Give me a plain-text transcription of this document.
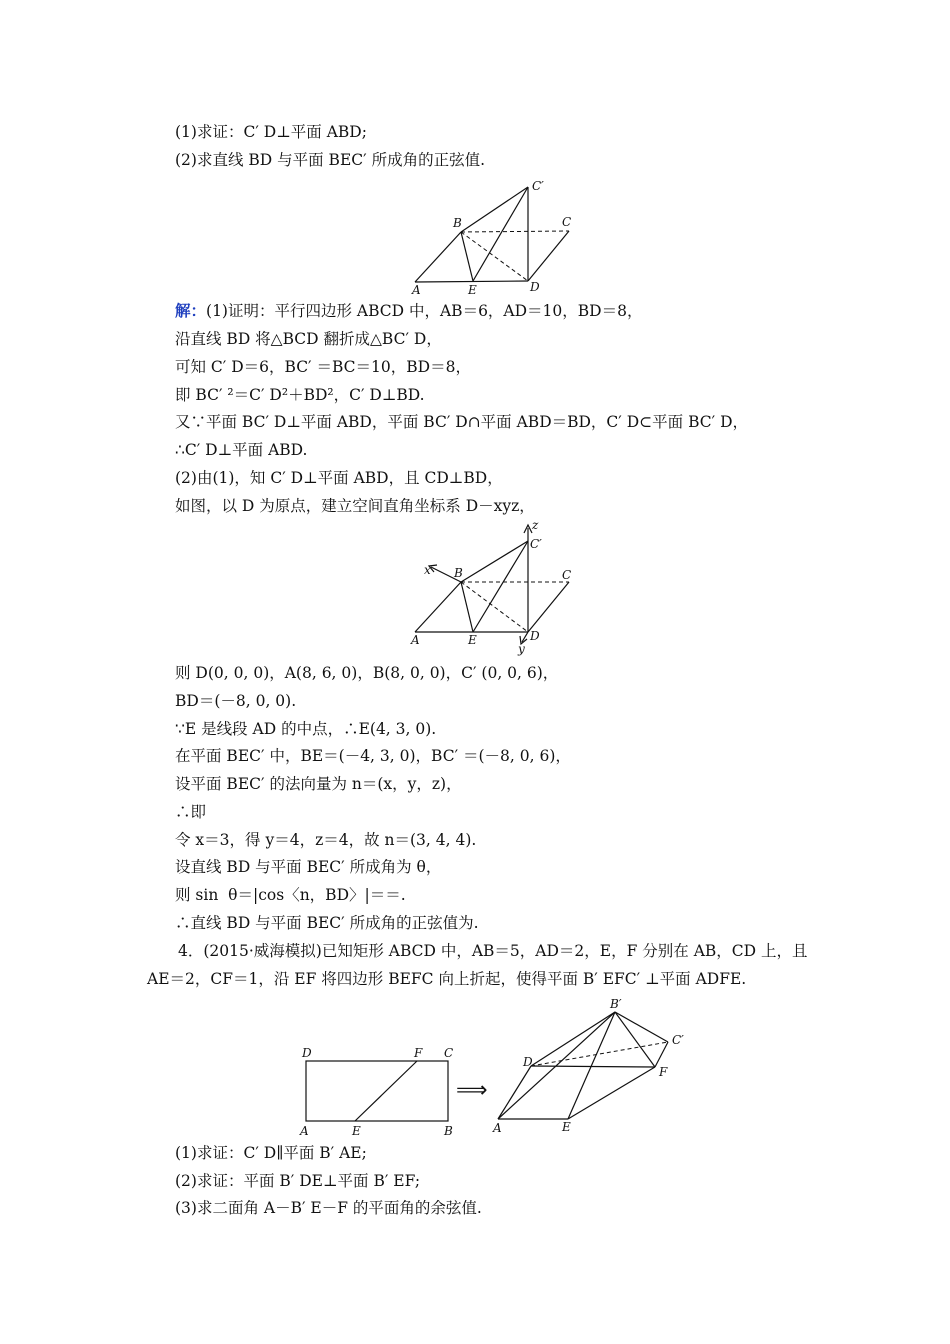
(1)求证：C′ D⊥平面 ABD;
(2)求直线 BD 与平面 BEC′ 所成角的正弦值.
C′
B	C
A	E	D
解：(1)证明：平行四边形 ABCD 中，AB＝6，AD＝10，BD＝8，
沿直线 BD 将△BCD 翻折成△BC′ D，
可知 C′ D＝6，BC′ ＝BC＝10，BD＝8，
即 BC′ ²＝C′ D²＋BD²，C′ D⊥BD.
又∵平面 BC′ D⊥平面 ABD，平面 BC′ D∩平面 ABD＝BD，C′ D⊂平面 BC′ D，
∴C′ D⊥平面 ABD.
(2)由(1)，知 C′ D⊥平面 ABD，且 CD⊥BD，
如图，以 D 为原点，建立空间直角坐标系 D－xyz，
z
C′
x B	C
A	E	D
y
则 D(0, 0, 0)，A(8, 6, 0)，B(8, 0, 0)，C′ (0, 0, 6)，
BD＝(－8, 0, 0).
∵E 是线段 AD 的中点，∴E(4, 3, 0).
在平面 BEC′ 中，BE＝(－4, 3, 0)，BC′ ＝(－8, 0, 6)，
设平面 BEC′ 的法向量为 n＝(x，y，z)，
∴即
令 x＝3，得 y＝4，z＝4，故 n＝(3, 4, 4).
设直线 BD 与平面 BEC′ 所成角为 θ，
则 sin  θ＝|cos〈n，BD〉|＝＝.
∴直线 BD 与平面 BEC′ 所成角的正弦值为.
4．(2015·威海模拟)已知矩形 ABCD 中，AB＝5，AD＝2，E，F 分别在 AB，CD 上，且
AE＝2，CF＝1，沿 EF 将四边形 BEFC 向上折起，使得平面 B′ EFC′ ⊥平面 ADFE.
D	F C
A	E	B
⟹
B′
C′
D
F
A	E
(1)求证：C′ D∥平面 B′ AE;
(2)求证：平面 B′ DE⊥平面 B′ EF;
(3)求二面角 A－B′ E－F 的平面角的余弦值.
